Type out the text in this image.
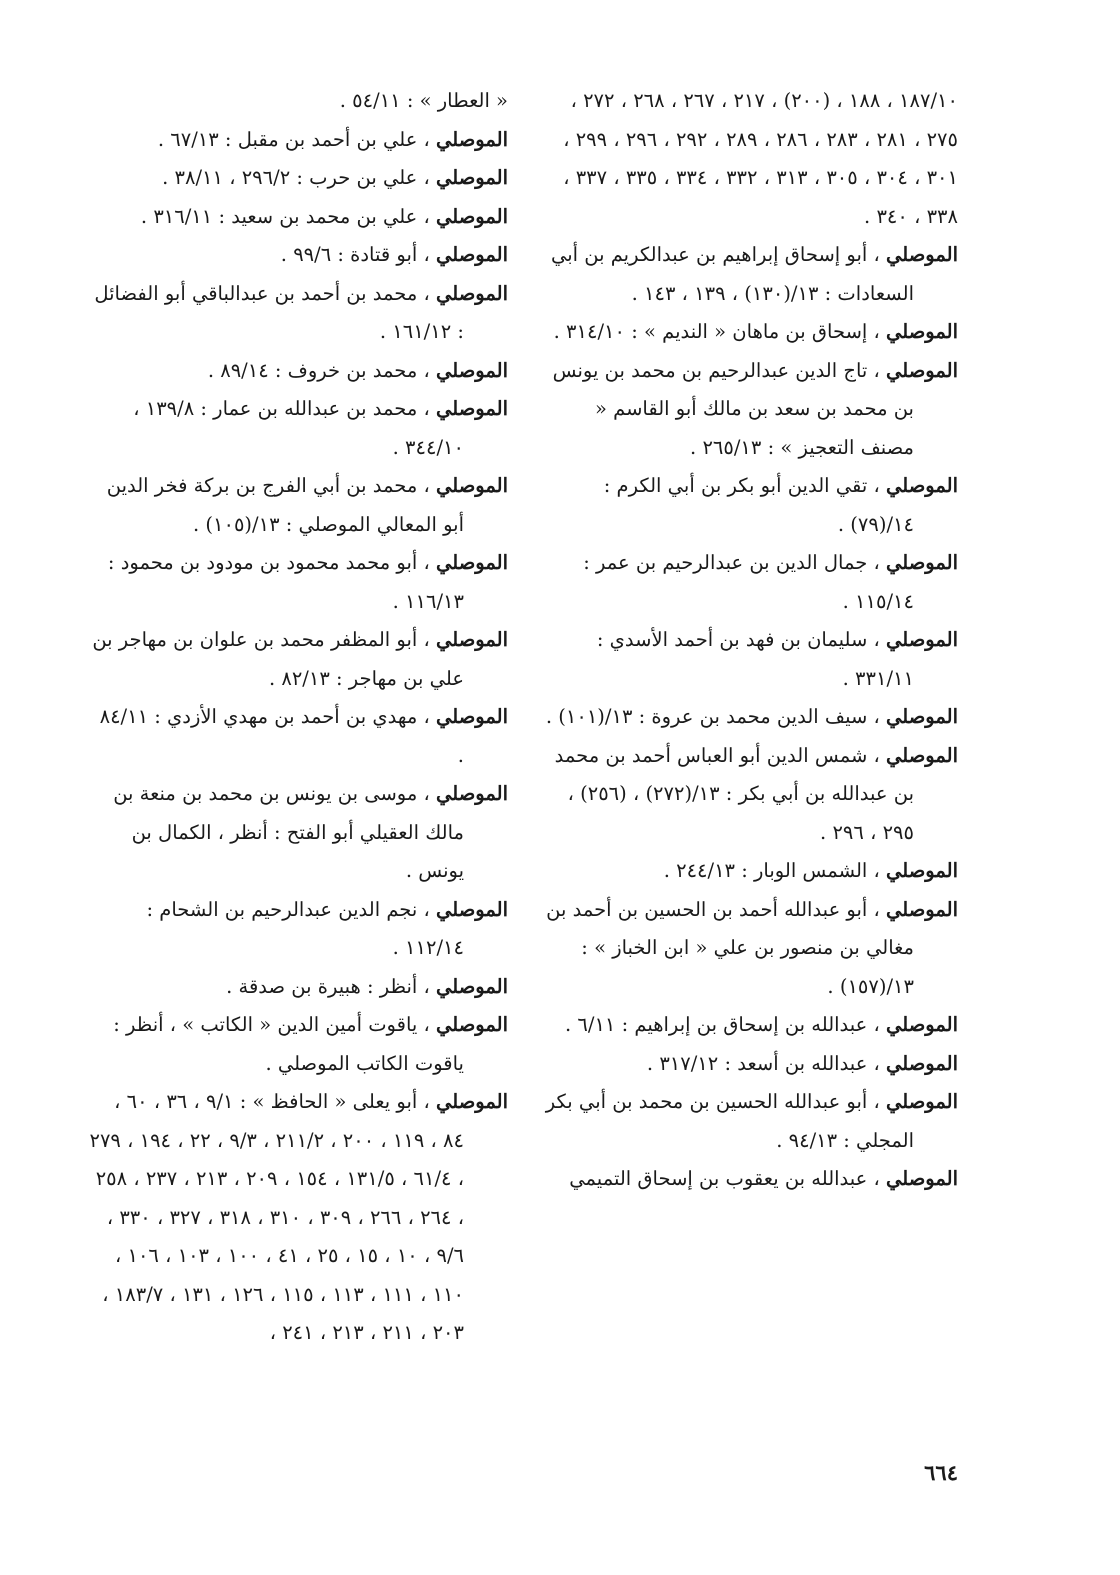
١٨٧/١٠ ، ١٨٨ ، (٢٠٠) ، ٢١٧ ، ٢٦٧ ، ٢٦٨ ، ٢٧٢ ، ٢٧٥ ، ٢٨١ ، ٢٨٣ ، ٢٨٦ ، ٢٨٩ ، ٢٩٢ ، ٢٩٦ ، ٢٩٩ ، ٣٠١ ، ٣٠٤ ، ٣٠٥ ، ٣١٣ ، ٣٣٢ ، ٣٣٤ ، ٣٣٥ ، ٣٣٧ ، ٣٣٨ ، ٣٤٠ .
الموصلي ، أبو إسحاق إبراهيم بن عبدالكريم بن أبي السعادات : ١٣/(١٣٠) ، ١٣٩ ، ١٤٣ .
الموصلي ، إسحاق بن ماهان « النديم » : ٣١٤/١٠ .
الموصلي ، تاج الدين عبدالرحيم بن محمد بن يونس بن محمد بن سعد بن مالك أبو القاسم « مصنف التعجيز » : ٢٦٥/١٣ .
الموصلي ، تقي الدين أبو بكر بن أبي الكرم : ١٤/(٧٩) .
الموصلي ، جمال الدين بن عبدالرحيم بن عمر : ١١٥/١٤ .
الموصلي ، سليمان بن فهد بن أحمد الأسدي : ٣٣١/١١ .
الموصلي ، سيف الدين محمد بن عروة : ١٣/(١٠١) .
الموصلي ، شمس الدين أبو العباس أحمد بن محمد بن عبدالله بن أبي بكر : ١٣/(٢٧٢) ، (٢٥٦) ، ٢٩٥ ، ٢٩٦ .
الموصلي ، الشمس الوبار : ٢٤٤/١٣ .
الموصلي ، أبو عبدالله أحمد بن الحسين بن أحمد بن مغالي بن منصور بن علي « ابن الخباز » : ١٣/(١٥٧) .
الموصلي ، عبدالله بن إسحاق بن إبراهيم : ٦/١١ .
الموصلي ، عبدالله بن أسعد : ٣١٧/١٢ .
الموصلي ، أبو عبدالله الحسين بن محمد بن أبي بكر المجلي : ٩٤/١٣ .
الموصلي ، عبدالله بن يعقوب بن إسحاق التميمي
« العطار » : ٥٤/١١ .
الموصلي ، علي بن أحمد بن مقبل : ٦٧/١٣ .
الموصلي ، علي بن حرب : ٢٩٦/٢ ، ٣٨/١١ .
الموصلي ، علي بن محمد بن سعيد : ٣١٦/١١ .
الموصلي ، أبو قتادة : ٩٩/٦ .
الموصلي ، محمد بن أحمد بن عبدالباقي أبو الفضائل : ١٦١/١٢ .
الموصلي ، محمد بن خروف : ٨٩/١٤ .
الموصلي ، محمد بن عبدالله بن عمار : ١٣٩/٨ ، ٣٤٤/١٠ .
الموصلي ، محمد بن أبي الفرج بن بركة فخر الدين أبو المعالي الموصلي : ١٣/(١٠٥) .
الموصلي ، أبو محمد محمود بن مودود بن محمود : ١١٦/١٣ .
الموصلي ، أبو المظفر محمد بن علوان بن مهاجر بن علي بن مهاجر : ٨٢/١٣ .
الموصلي ، مهدي بن أحمد بن مهدي الأزدي : ٨٤/١١ .
الموصلي ، موسى بن يونس بن محمد بن منعة بن مالك العقيلي أبو الفتح : أنظر ، الكمال بن يونس .
الموصلي ، نجم الدين عبدالرحيم بن الشحام : ١١٢/١٤ .
الموصلي ، أنظر : هبيرة بن صدقة .
الموصلي ، ياقوت أمين الدين « الكاتب » ، أنظر : ياقوت الكاتب الموصلي .
الموصلي ، أبو يعلى « الحافظ » : ٩/١ ، ٣٦ ، ٦٠ ، ٨٤ ، ١١٩ ، ٢٠٠ ، ٢١١/٢ ، ٩/٣ ، ٢٢ ، ١٩٤ ، ٢٧٩ ، ٦١/٤ ، ١٣١/٥ ، ١٥٤ ، ٢٠٩ ، ٢١٣ ، ٢٣٧ ، ٢٥٨ ، ٢٦٤ ، ٢٦٦ ، ٣٠٩ ، ٣١٠ ، ٣١٨ ، ٣٢٧ ، ٣٣٠ ، ٩/٦ ، ١٠ ، ١٥ ، ٢٥ ، ٤١ ، ١٠٠ ، ١٠٣ ، ١٠٦ ، ١١٠ ، ١١١ ، ١١٣ ، ١١٥ ، ١٢٦ ، ١٣١ ، ١٨٣/٧ ، ٢٠٣ ، ٢١١ ، ٢١٣ ، ٢٤١ ،
٦٦٤
